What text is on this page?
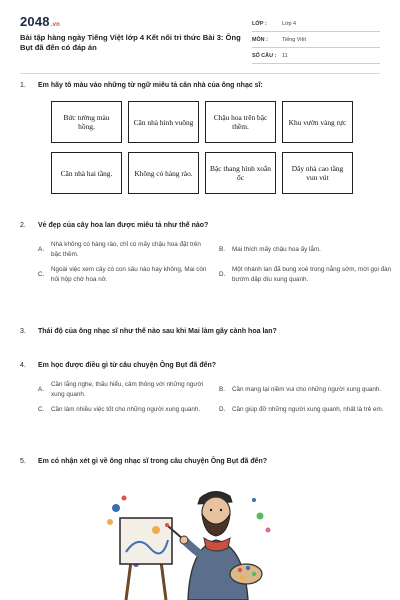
2048.vn
Bài tập hàng ngày Tiếng Việt lớp 4 Kết nối tri thức Bài 3: Ông Bụt đã đến có đáp án
LỚP :	Lớp 4
MÔN :	Tiếng Việt
SỐ CÂU :	11
1.	Em hãy tô màu vào những từ ngữ miêu tả căn nhà của ông nhạc sĩ:
Bức tường màu hồng.	Căn nhà hình vuông	Chậu hoa trên bậc thềm.	Khu vườn vàng rực
Căn nhà hai tầng.	Không có hàng rào.	Bậc thang hình xoắn ốc
Dãy nhà cao tầng vun vút
2.	Vẻ đẹp của cây hoa lan được miêu tả như thế nào?
A.
Nhà không có hàng rào, chỉ có mấy chậu hoa đặt trên bậc thềm.
B.	Mai thích mấy chậu hoa ấy lắm.
C.
Ngoài việc xem cây có con sâu nào hay không, Mai còn hỏi hộp chờ hoa nở.
D.
Một nhánh lan đã bung xoè trong nắng sớm, mời gọi đàn bướm dập dìu xung quanh.
3.	Thái độ của ông nhạc sĩ như thế nào sau khi Mai làm gãy cành hoa lan?
4.	Em học được điều gì từ câu chuyện Ông Bụt đã đến?
A.
Cần lắng nghe, thấu hiểu, cảm thông với những người xung quanh.
B.	Cần mang lại niềm vui cho những người xung quanh.
C.	Cần làm nhiều việc tốt cho những người xung quanh.	D.	Cần giúp đỡ những người xung quanh, nhất là trẻ em.
5.	Em có nhận xét gì về ông nhạc sĩ trong câu chuyện Ông Bụt đã đến?
